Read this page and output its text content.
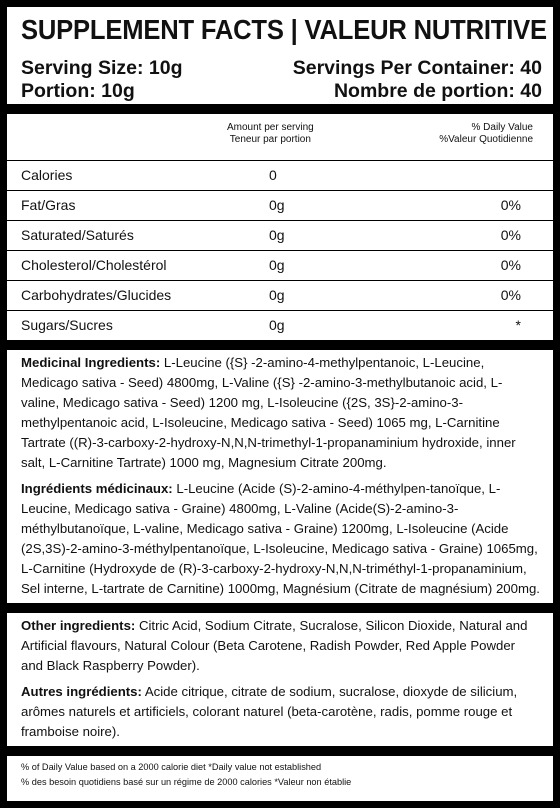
SUPPLEMENT FACTS | VALEUR NUTRITIVE
Serving Size: 10g	Servings Per Container: 40
Portion: 10g	Nombre de portion: 40
Amount per serving
Teneur par portion
% Daily Value
%Valeur Quotidienne
Calories	0
Fat/Gras	0g	0%
Saturated/Saturés	0g	0%
Cholesterol/Cholestérol	0g	0%
Carbohydrates/Glucides	0g	0%
Sugars/Sucres	0g	*
Medicinal Ingredients: L-Leucine ({S} -2-amino-4-methylpentanoic, L-Leucine, Medicago sativa - Seed) 4800mg, L-Valine ({S} -2-amino-3-methylbutanoic acid, L-valine, Medicago sativa - Seed) 1200 mg, L-Isoleucine ({2S, 3S}-2-amino-3-methylpentanoic acid, L-Isoleucine, Medicago sativa - Seed) 1065 mg, L-Carnitine Tartrate ((R)-3-carboxy-2-hydroxy-N,N,N-trimethyl-1-propanaminium hydroxide, inner salt, L-Carnitine Tartrate) 1000 mg, Magnesium Citrate 200mg.
Ingrédients médicinaux: L-Leucine (Acide (S)-2-amino-4-méthylpen-tanoïque, L-Leucine, Medicago sativa - Graine) 4800mg, L-Valine (Acide(S)-2-amino-3-méthylbutanoïque, L-valine, Medicago sativa - Graine) 1200mg, L-Isoleucine (Acide (2S,3S)-2-amino-3-méthylpentanoïque, L-Isoleucine, Medicago sativa - Graine) 1065mg, L-Carnitine (Hydroxyde de (R)-3-carboxy-2-hydroxy-N,N,N-triméthyl-1-propanaminium, Sel interne, L-tartrate de Carnitine) 1000mg, Magnésium (Citrate de magnésium) 200mg.
Other ingredients: Citric Acid, Sodium Citrate, Sucralose, Silicon Dioxide, Natural and Artificial flavours, Natural Colour (Beta Carotene, Radish Powder, Red Apple Powder and Black Raspberry Powder).
Autres ingrédients: Acide citrique, citrate de sodium, sucralose, dioxyde de silicium, arômes naturels et artificiels, colorant naturel (beta-carotène, radis, pomme rouge et framboise noire).
% of Daily Value based on a 2000 calorie diet *Daily value not established
% des besoin quotidiens basé sur un régime de 2000 calories *Valeur non établie
